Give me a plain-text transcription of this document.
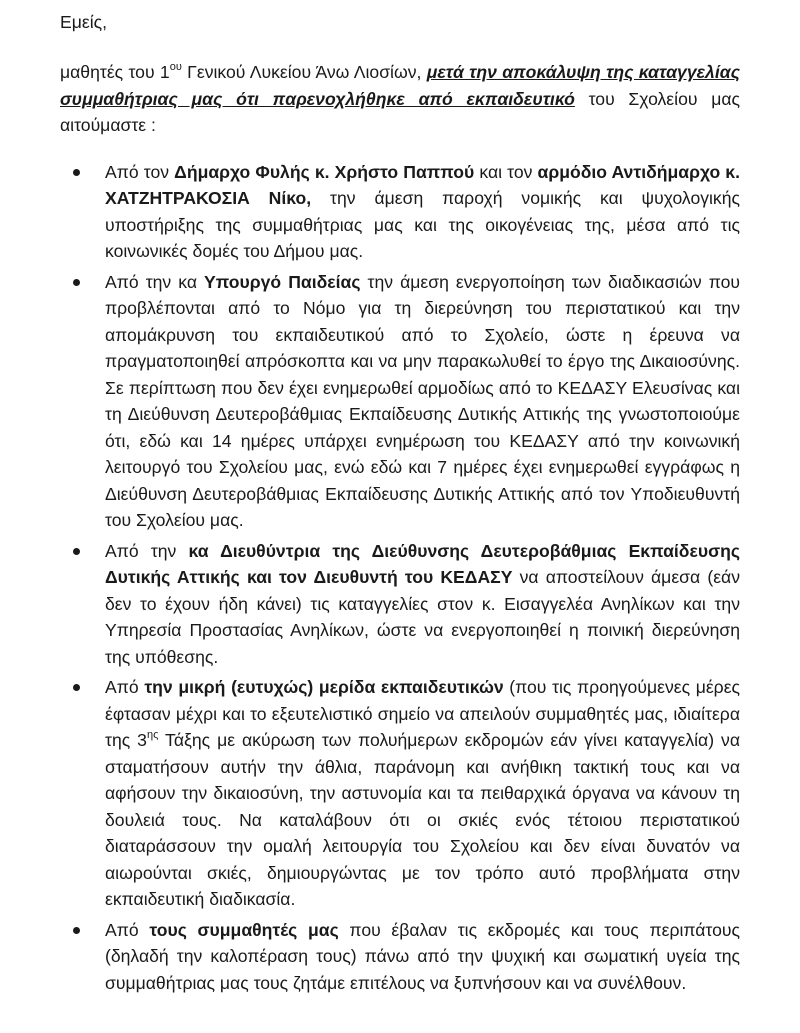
Εμείς,

μαθητές του $1^{o\upsilon}$ Γενικού Λυκείου Άνω Λιοσίων, μετά την αποκάλυψη της καταγγελίας συμμαθήτριας μας ότι παρενοχλήθηκε από εκπαιδευτικό του Σχολείου μας αιτούμαστε :

Από τον Δήμαρχο Φυλής κ. Χρήστο Παππού και τον αρμόδιο Αντιδήμαρχο κ. ΧΑΤΖΗΤΡΑΚΟΣΙΑ Νίκο, την άμεση παροχή νομικής και ψυχολογικής υποστήριξης της συμμαθήτριας μας και της οικογένειας της, μέσα από τις κοινωνικές δομές του Δήμου μας.
Από την κα Υπουργό Παιδείας την άμεση ενεργοποίηση των διαδικασιών που προβλέπονται από το Νόμο για τη διερεύνηση του περιστατικού και την απομάκρυνση του εκπαιδευτικού από το Σχολείο, ώστε η έρευνα να πραγματοποιηθεί απρόσκοπτα και να μην παρακωλυθεί το έργο της Δικαιοσύνης. Σε περίπτωση που δεν έχει ενημερωθεί αρμοδίως από το ΚΕΔΑΣΥ Ελευσίνας και τη Διεύθυνση Δευτεροβάθμιας Εκπαίδευσης Δυτικής Αττικής της γνωστοποιούμε ότι, εδώ και 14 ημέρες υπάρχει ενημέρωση του ΚΕΔΑΣΥ από την κοινωνική λειτουργό του Σχολείου μας, ενώ εδώ και 7 ημέρες έχει ενημερωθεί εγγράφως η Διεύθυνση Δευτεροβάθμιας Εκπαίδευσης Δυτικής Αττικής από τον Υποδιευθυντή του Σχολείου μας.
Από την κα Διευθύντρια της Διεύθυνσης Δευτεροβάθμιας Εκπαίδευσης Δυτικής Αττικής και τον Διευθυντή του ΚΕΔΑΣΥ να αποστείλουν άμεσα (εάν δεν το έχουν ήδη κάνει) τις καταγγελίες στον κ. Εισαγγελέα Ανηλίκων και την Υπηρεσία Προστασίας Ανηλίκων, ώστε να ενεργοποιηθεί η ποινική διερεύνηση της υπόθεσης.
Από την μικρή (ευτυχώς) μερίδα εκπαιδευτικών (που τις προηγούμενες μέρες έφτασαν μέχρι και το εξευτελιστικό σημείο να απειλούν συμμαθητές μας, ιδιαίτερα της $3^{\eta\varsigma}$ Τάξης με ακύρωση των πολυήμερων εκδρομών εάν γίνει καταγγελία) να σταματήσουν αυτήν την άθλια, παράνομη και ανήθικη τακτική τους και να αφήσουν την δικαιοσύνη, την αστυνομία και τα πειθαρχικά όργανα να κάνουν τη δουλειά τους. Να καταλάβουν ότι οι σκιές ενός τέτοιου περιστατικού διαταράσσουν την ομαλή λειτουργία του Σχολείου και δεν είναι δυνατόν να αιωρούνται σκιές, δημιουργώντας με τον τρόπο αυτό προβλήματα στην εκπαιδευτική διαδικασία.
Από τους συμμαθητές μας που έβαλαν τις εκδρομές και τους περιπάτους (δηλαδή την καλοπέραση τους) πάνω από την ψυχική και σωματική υγεία της συμμαθήτριας μας τους ζητάμε επιτέλους να ξυπνήσουν και να συνέλθουν.
